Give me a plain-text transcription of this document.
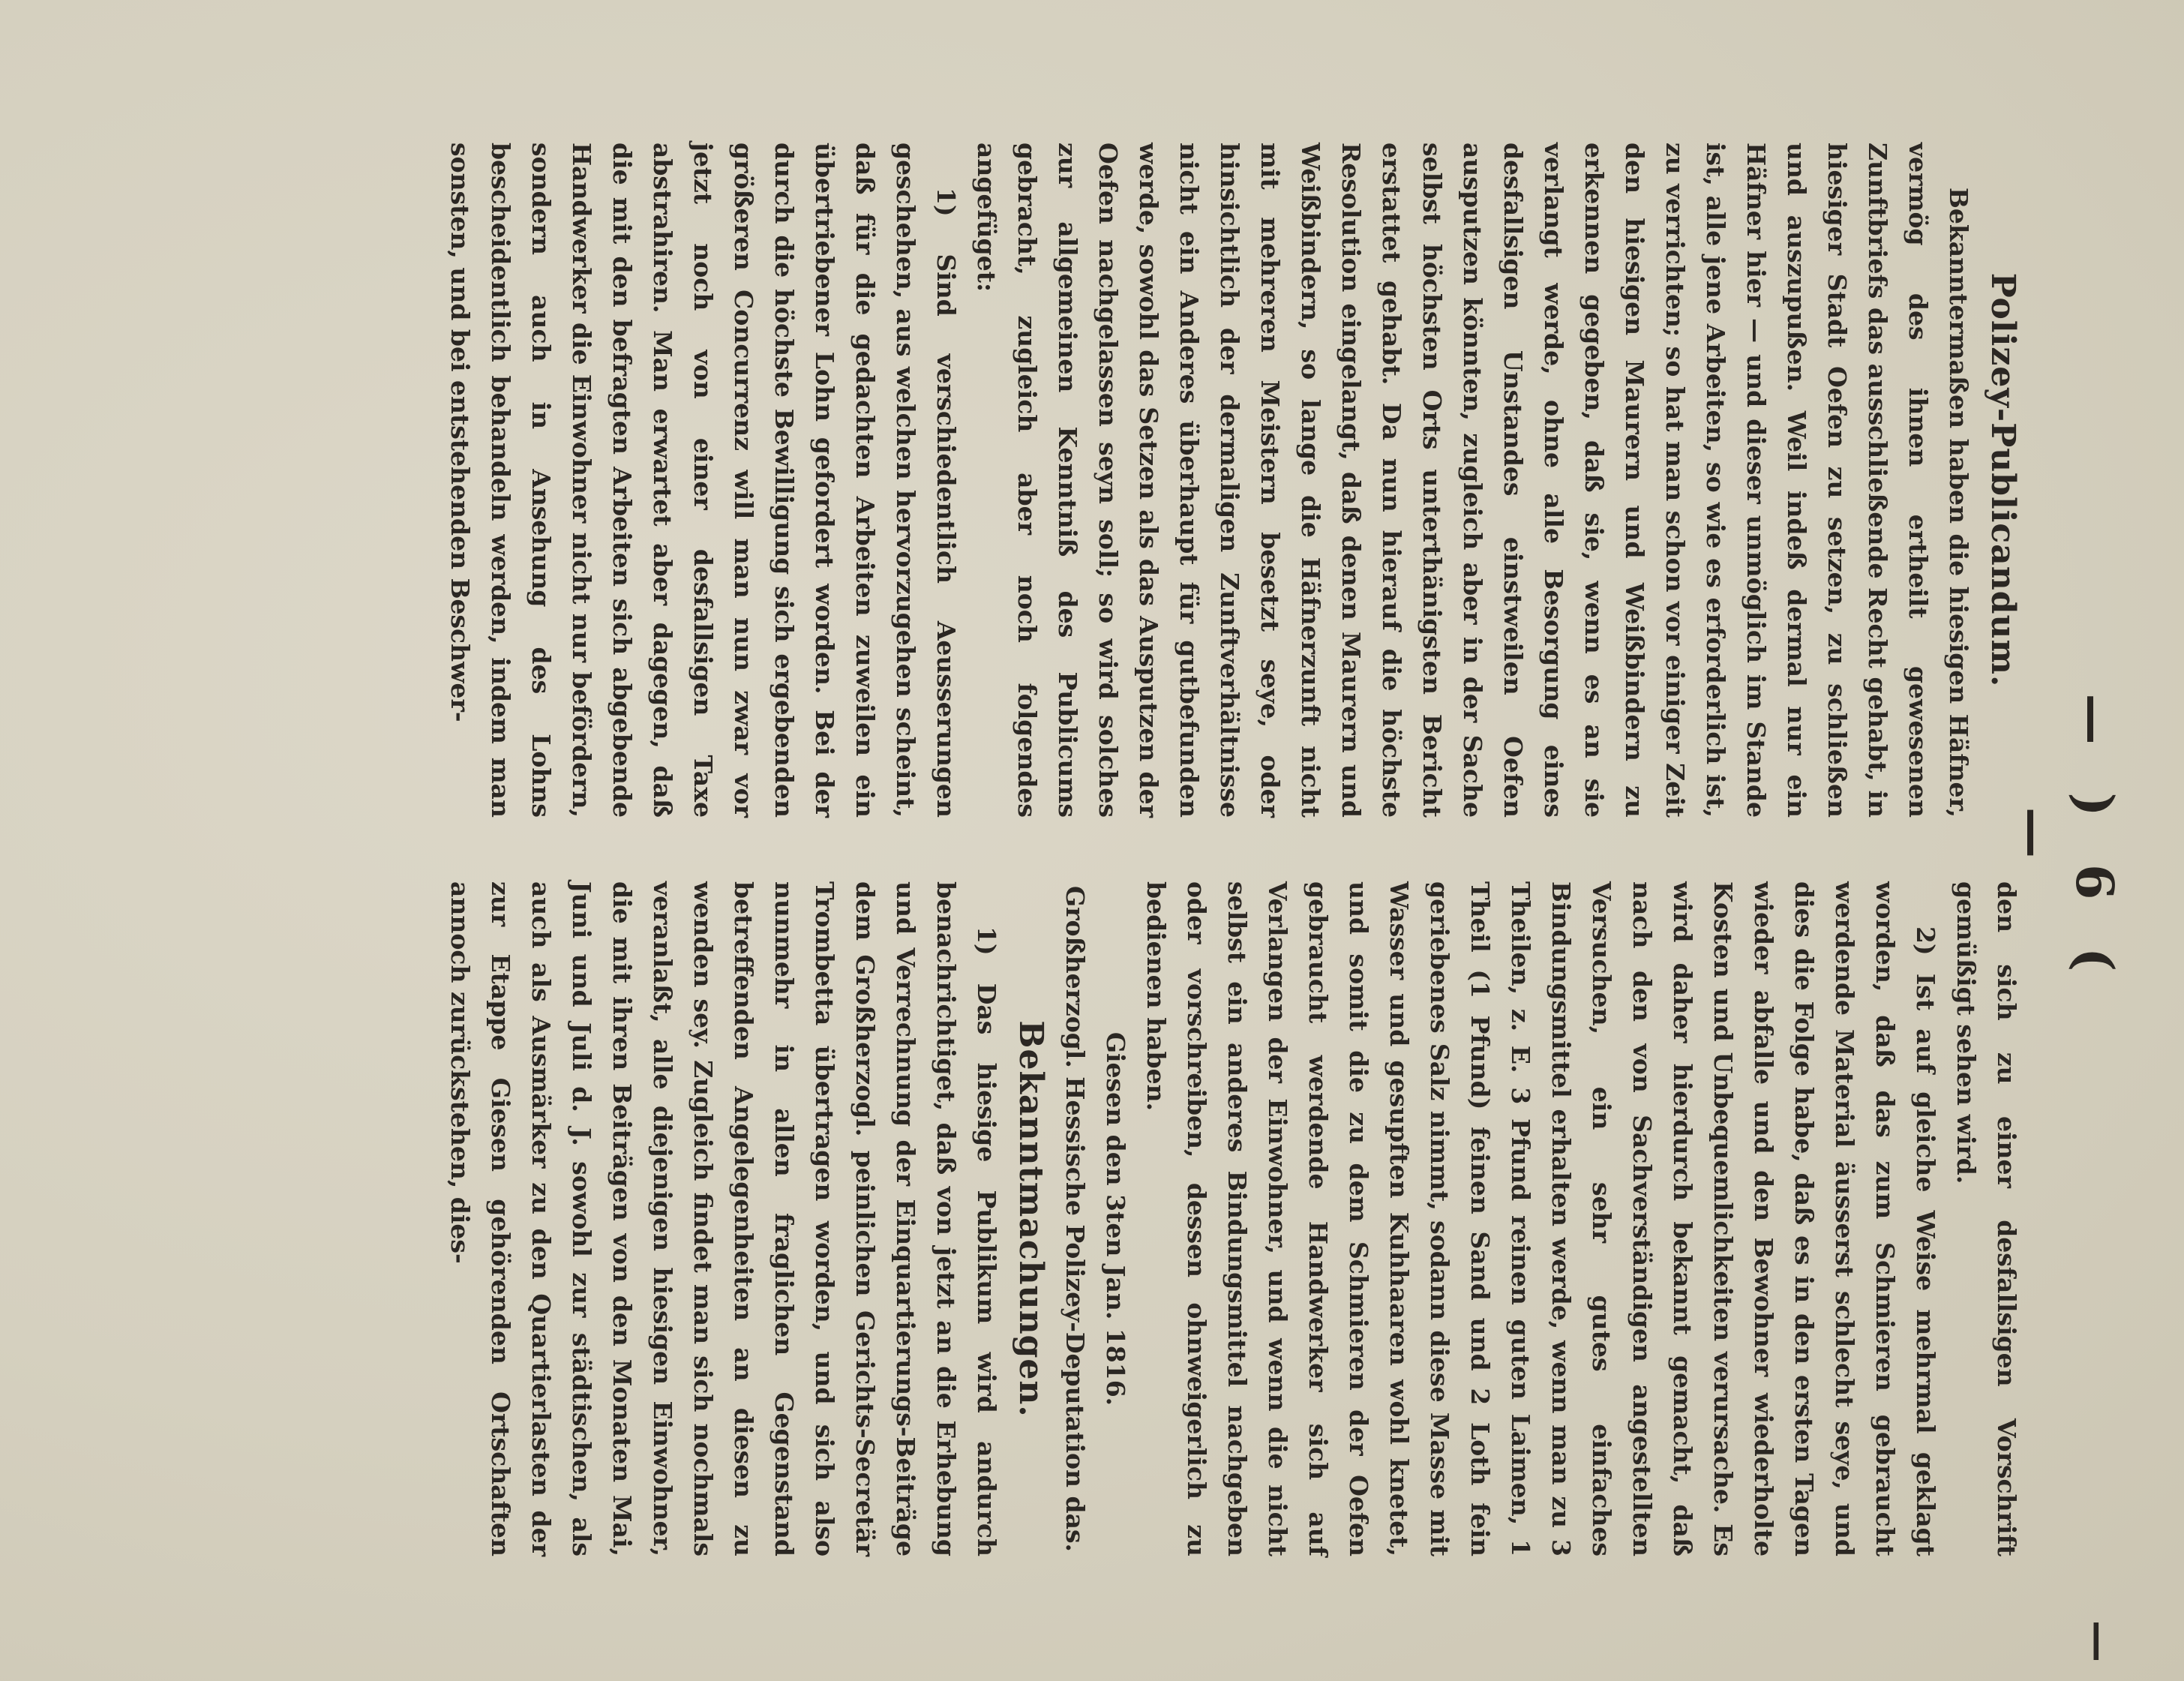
— ) 6 ( —
—

Polizey-Publicandum.

Bekanntermaßen haben die hiesigen Häfner, vermög des ihnen ertheilt gewesenen Zunftbriefs das ausschließende Recht gehabt, in hiesiger Stadt Oefen zu setzen, zu schließen und auszupußen. Weil indeß dermal nur ein Häfner hier — und dieser unmöglich im Stande ist, alle jene Arbeiten, so wie es erforderlich ist, zu verrichten; so hat man schon vor einiger Zeit den hiesigen Maurern und Weißbindern zu erkennen gegeben, daß sie, wenn es an sie verlangt werde, ohne alle Besorgung eines desfallsigen Unstandes einstweilen Oefen ausputzen könnten, zugleich aber in der Sache selbst höchsten Orts unterthänigsten Bericht erstattet gehabt. Da nun hierauf die höchste Resolution eingelangt, daß denen Maurern und Weißbindern, so lange die Häfnerzunft nicht mit mehreren Meistern besetzt seye, oder hinsichtlich der dermaligen Zunftverhältnisse nicht ein Anderes überhaupt für gutbefunden werde, sowohl das Setzen als das Ausputzen der Oefen nachgelassen seyn soll; so wird solches zur allgemeinen Kenntniß des Publicums gebracht, zugleich aber noch folgendes angefüget:

1) Sind verschiedentlich Aeusserungen geschehen, aus welchen hervorzugehen scheint, daß für die gedachten Arbeiten zuweilen ein übertriebener Lohn gefordert worden. Bei der durch die höchste Bewilligung sich ergebenden größeren Concurrenz will man nun zwar vor jetzt noch von einer desfallsigen Taxe abstrahiren. Man erwartet aber dagegen, daß die mit den befragten Arbeiten sich abgebende Handwerker die Einwohner nicht nur befördern, sondern auch in Ansehung des Lohns bescheidentlich behandeln werden, indem man sonsten, und bei entstehenden Beschwer-

den sich zu einer desfallsigen Vorschrift gemüßigt sehen wird.

2) Ist auf gleiche Weise mehrmal geklagt worden, daß das zum Schmieren gebraucht werdende Material äusserst schlecht seye, und dies die Folge habe, daß es in den ersten Tagen wieder abfalle und den Bewohner wiederholte Kosten und Unbequemlichkeiten verursache. Es wird daher hierdurch bekannt gemacht, daß nach den von Sachverständigen angestellten Versuchen, ein sehr gutes einfaches Bindungsmittel erhalten werde, wenn man zu 3 Theilen, z. E. 3 Pfund reinen guten Laimen, 1 Theil (1 Pfund) feinen Sand und 2 Loth fein geriebenes Salz nimmt, sodann diese Masse mit Wasser und gesupften Kuhhaaren wohl knetet, und somit die zu dem Schmieren der Oefen gebraucht werdende Handwerker sich auf Verlangen der Einwohner, und wenn die nicht selbst ein anderes Bindungsmittel nachgeben oder vorschreiben, dessen ohnweigerlich zu bedienen haben.

Giesen den 3ten Jan. 1816.

Großherzogl. Hessische Polizey-Deputation das.

Bekanntmachungen.

1) Das hiesige Publikum wird andurch benachrichtiget, daß von jetzt an die Erhebung und Verrechnung der Einquartierungs-Beiträge dem Großherzogl. peinlichen Gerichts-Secretär Trombetta übertragen worden, und sich also nunmehr in allen fraglichen Gegenstand betreffenden Angelegenheiten an diesen zu wenden sey. Zugleich findet man sich nochmals veranlaßt, alle diejenigen hiesigen Einwohner, die mit ihren Beiträgen von den Monaten Mai, Juni und Juli d. J. sowohl zur städtischen, als auch als Ausmärker zu den Quartierlasten der zur Etappe Giesen gehörenden Ortschaften annoch zurückstehen, dies-
